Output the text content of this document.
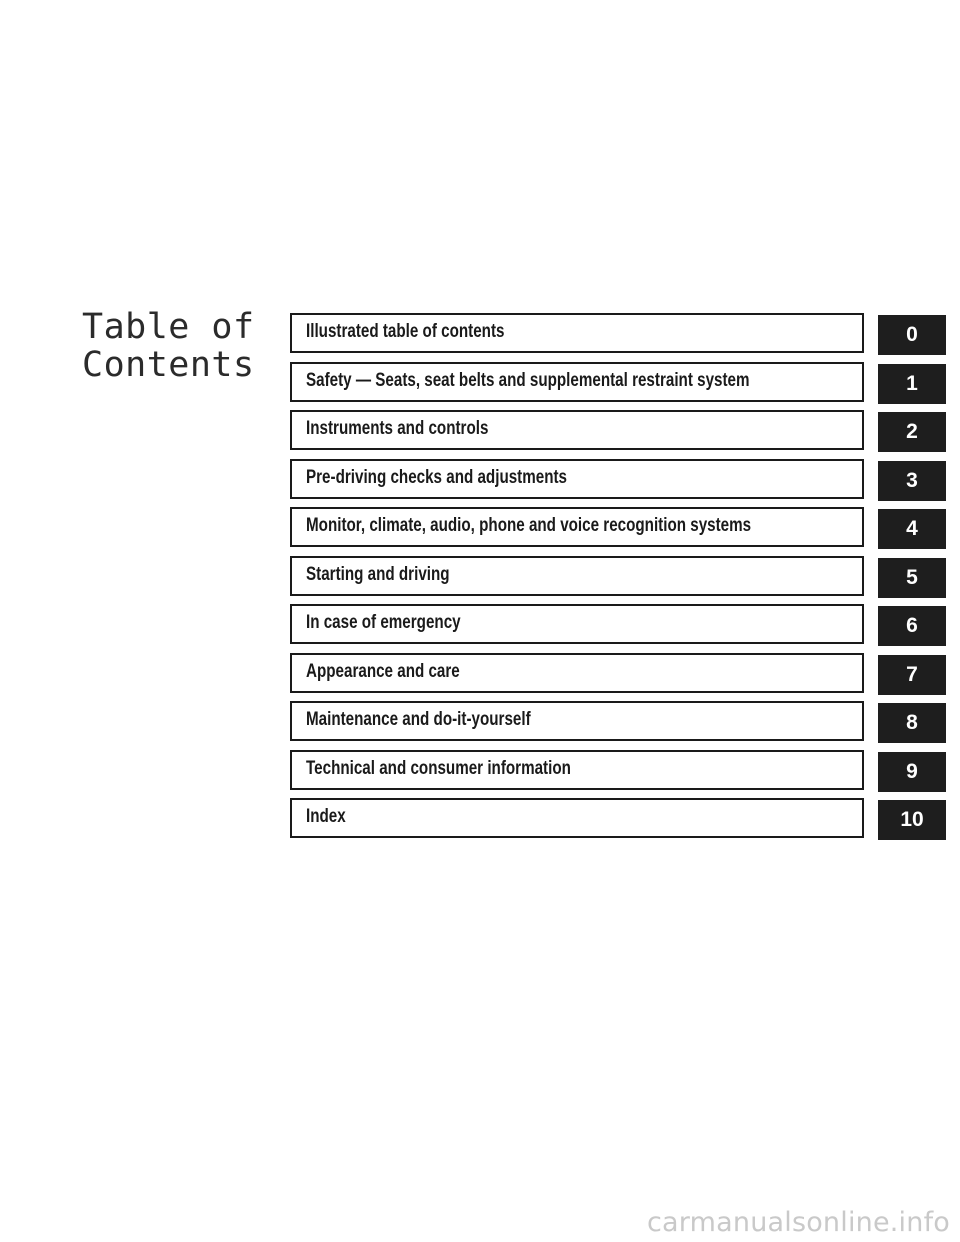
Table of
Contents
Illustrated table of contents	0
Safety — Seats, seat belts and supplemental restraint system	1
Instruments and controls	2
Pre-driving checks and adjustments	3
Monitor, climate, audio, phone and voice recognition systems	4
Starting and driving	5
In case of emergency	6
Appearance and care	7
Maintenance and do-it-yourself	8
Technical and consumer information	9
Index	10
carmanualsonline.info
